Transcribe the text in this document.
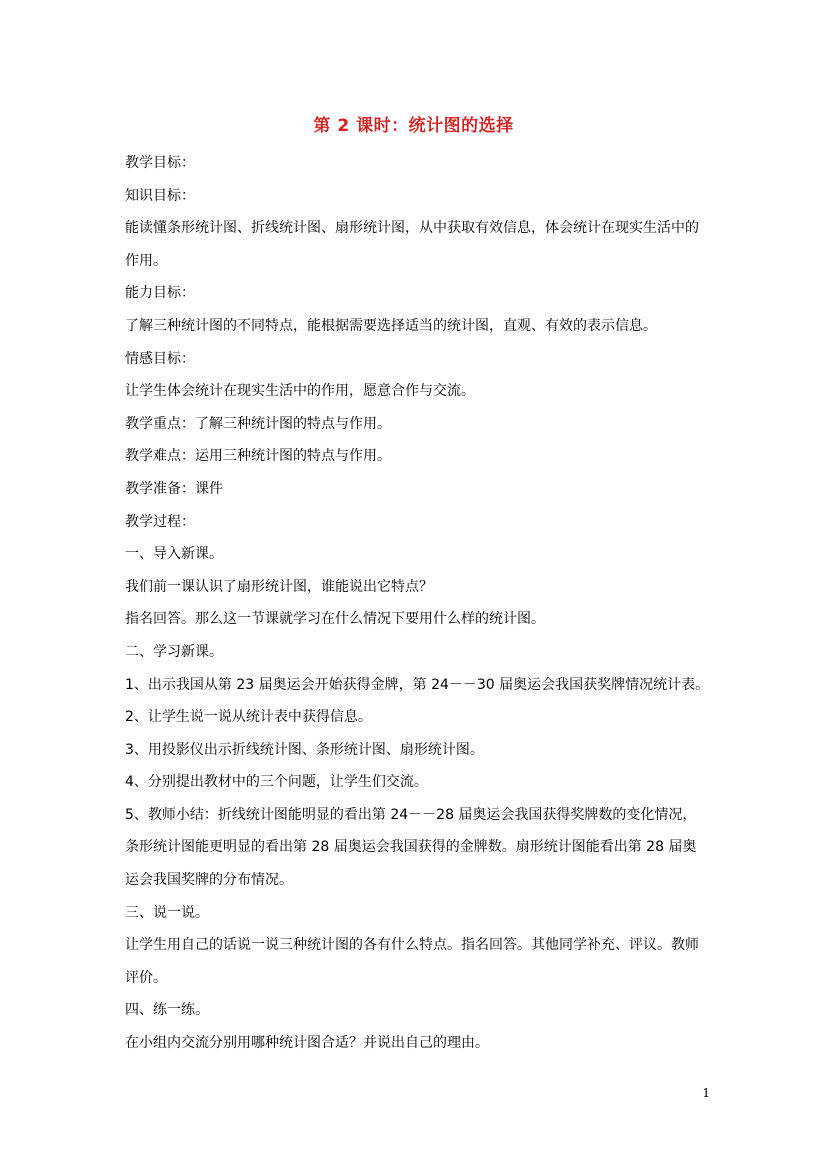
第 2 课时：统计图的选择

教学目标：

知识目标：

能读懂条形统计图、折线统计图、扇形统计图，从中获取有效信息，体会统计在现实生活中的作用。

能力目标：

了解三种统计图的不同特点，能根据需要选择适当的统计图，直观、有效的表示信息。

情感目标：

让学生体会统计在现实生活中的作用，愿意合作与交流。

教学重点：了解三种统计图的特点与作用。

教学难点：运用三种统计图的特点与作用。

教学准备：课件

教学过程：

一、导入新课。

我们前一课认识了扇形统计图，谁能说出它特点？

指名回答。那么这一节课就学习在什么情况下要用什么样的统计图。

二、学习新课。

1、出示我国从第 23 届奥运会开始获得金牌，第 24－－30 届奥运会我国获奖牌情况统计表。

2、让学生说一说从统计表中获得信息。

3、用投影仪出示折线统计图、条形统计图、扇形统计图。

4、分别提出教材中的三个问题，让学生们交流。

5、教师小结：折线统计图能明显的看出第 24－－28 届奥运会我国获得奖牌数的变化情况，条形统计图能更明显的看出第 28 届奥运会我国获得的金牌数。扇形统计图能看出第 28 届奥运会我国奖牌的分布情况。

三、说一说。

让学生用自己的话说一说三种统计图的各有什么特点。指名回答。其他同学补充、评议。教师评价。

四、练一练。

在小组内交流分别用哪种统计图合适？并说出自己的理由。

1
